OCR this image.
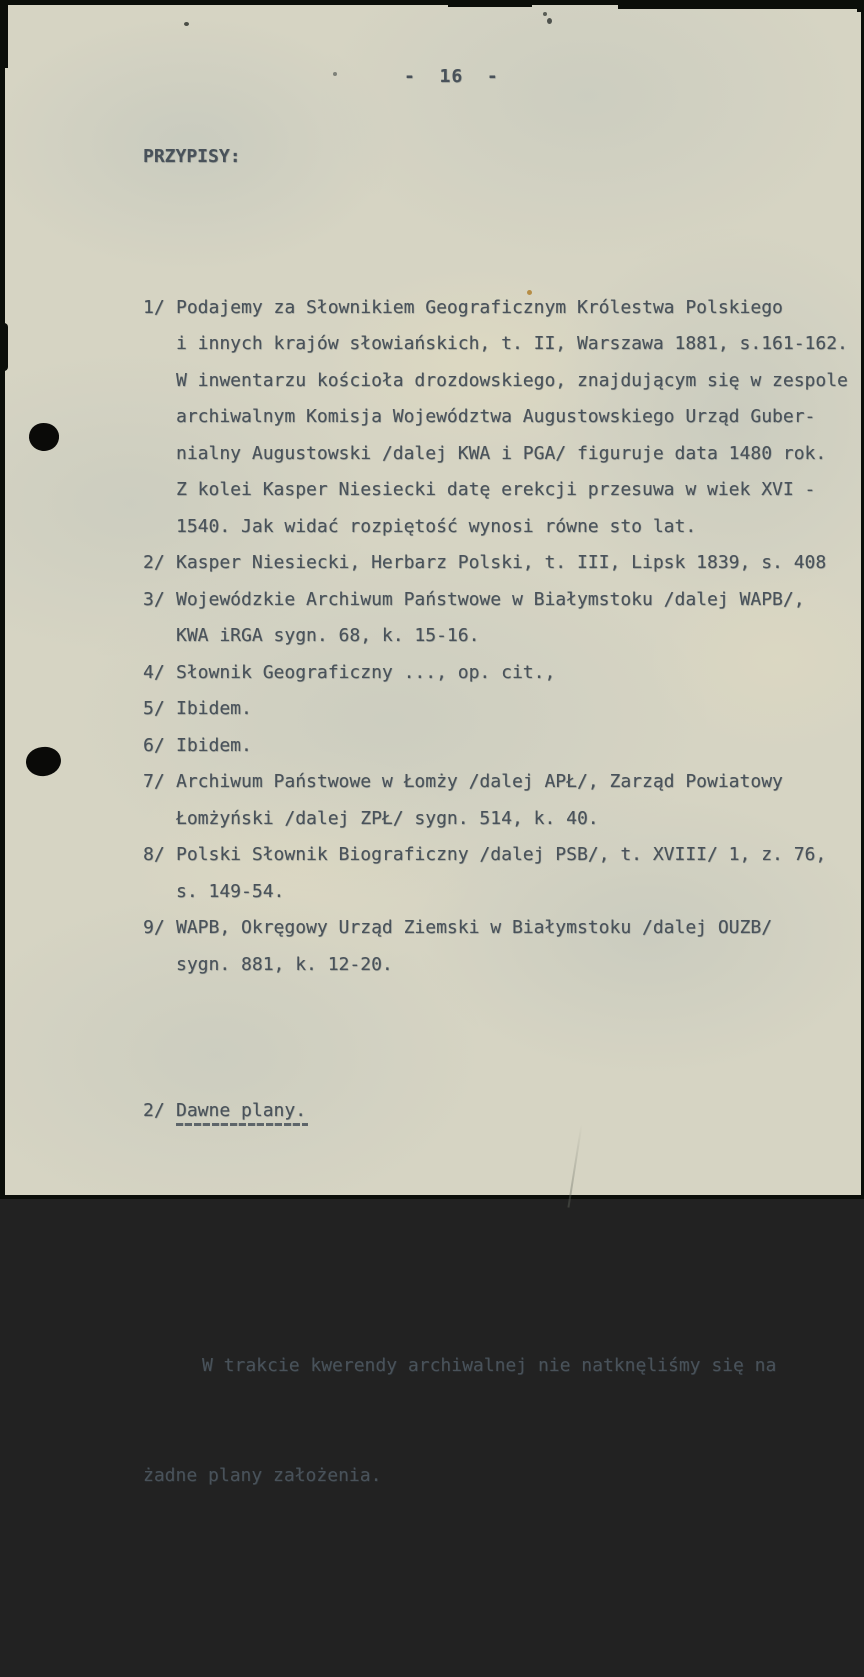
-  16  -
PRZYPISY:

1/ Podajemy za Słownikiem Geograficznym Królestwa Polskiego
i innych krajów słowiańskich, t. II, Warszawa 1881, s.161-162.
W inwentarzu kościoła drozdowskiego, znajdującym się w zespole
archiwalnym Komisja Województwa Augustowskiego Urząd Guber-
nialny Augustowski /dalej KWA i PGA/ figuruje data 1480 rok.
Z kolei Kasper Niesiecki datę erekcji przesuwa w wiek XVI -
1540. Jak widać rozpiętość wynosi równe sto lat.
2/ Kasper Niesiecki, Herbarz Polski, t. III, Lipsk 1839, s. 408
3/ Wojewódzkie Archiwum Państwowe w Białymstoku /dalej WAPB/,
KWA iRGA sygn. 68, k. 15-16.
4/ Słownik Geograficzny ..., op. cit.,
5/ Ibidem.
6/ Ibidem.
7/ Archiwum Państwowe w Łomży /dalej APŁ/, Zarząd Powiatowy
Łomżyński /dalej ZPŁ/ sygn. 514, k. 40.
8/ Polski Słownik Biograficzny /dalej PSB/, t. XVIII/ 1, z. 76,
s. 149-54.
9/ WAPB, Okręgowy Urząd Ziemski w Białymstoku /dalej OUZB/
sygn. 881, k. 12-20.

2/ Dawne plany.

W trakcie kwerendy archiwalnej nie natknęliśmy się na

żadne plany założenia.
